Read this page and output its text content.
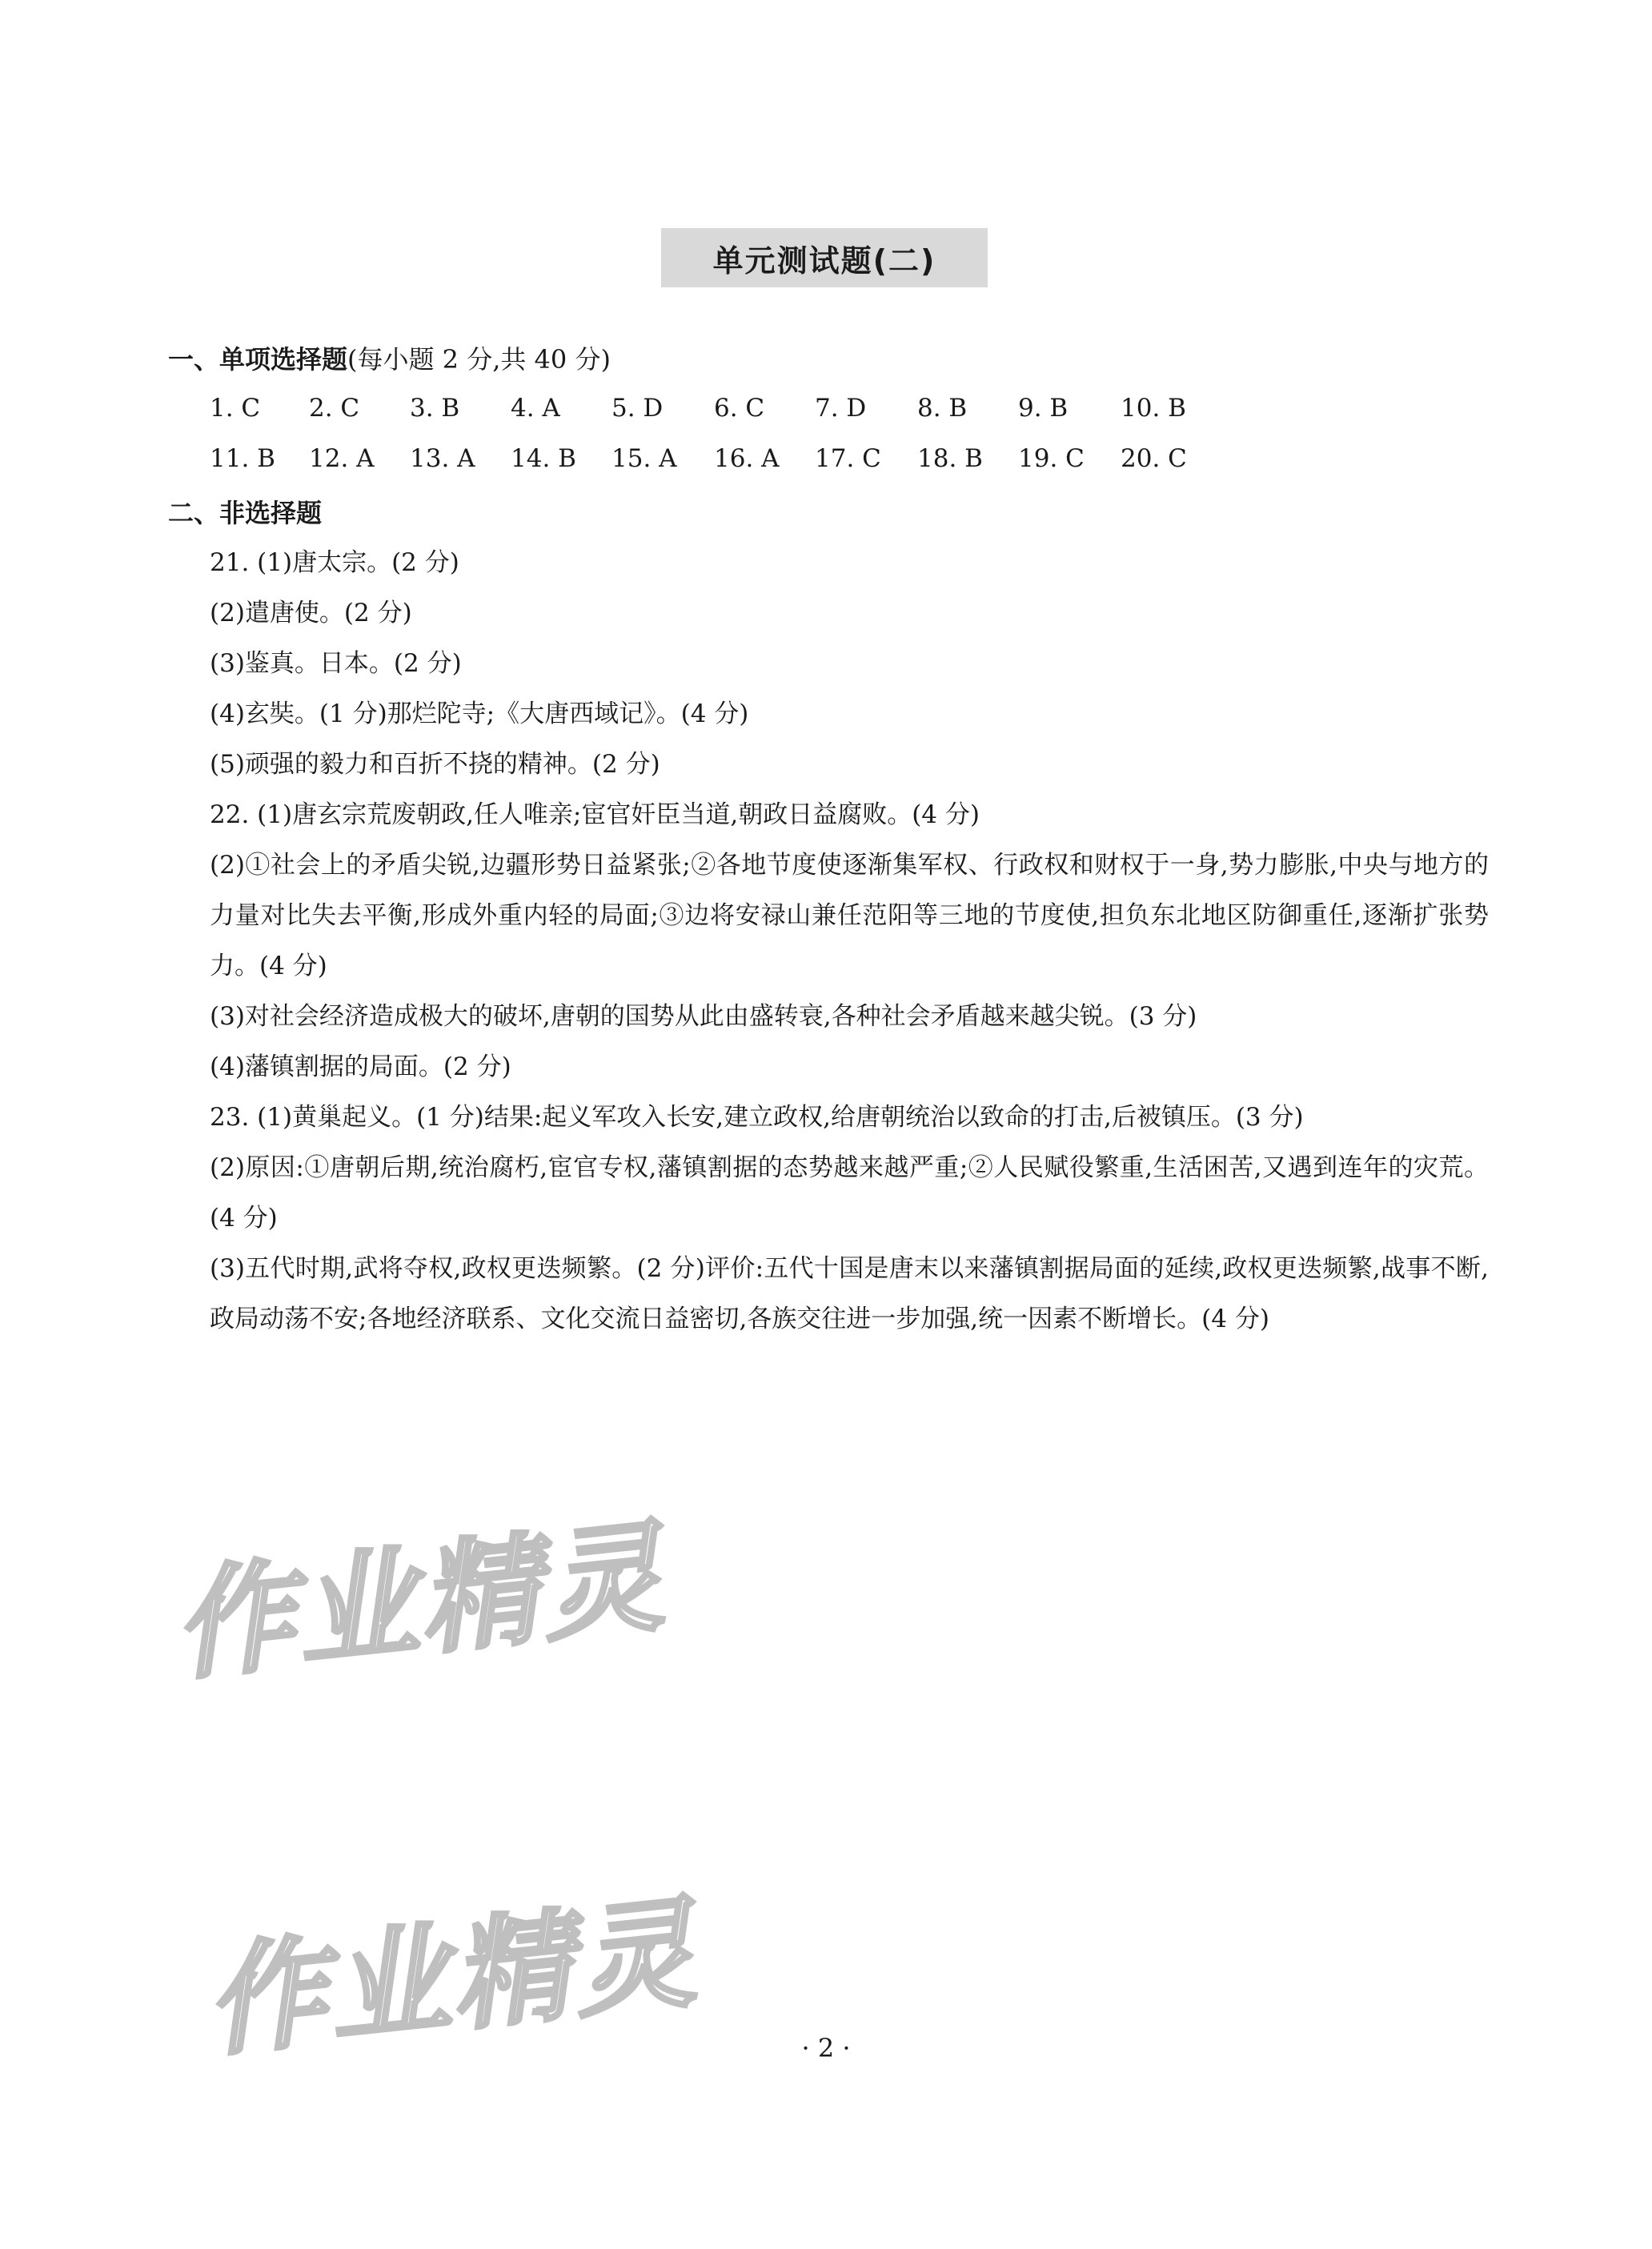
单元测试题(二)
一、单项选择题(每小题 2 分,共 40 分)
1. C 2. C 3. B 4. A 5. D 6. C 7. D 8. B 9. B 10. B
11. B 12. A 13. A 14. B 15. A 16. A 17. C 18. B 19. C 20. C
二、非选择题

21. (1)唐太宗。(2 分)

(2)遣唐使。(2 分)

(3)鉴真。日本。(2 分)

(4)玄奘。(1 分)那烂陀寺;《大唐西域记》。(4 分)

(5)顽强的毅力和百折不挠的精神。(2 分)

22. (1)唐玄宗荒废朝政,任人唯亲;宦官奸臣当道,朝政日益腐败。(4 分)

(2)①社会上的矛盾尖锐,边疆形势日益紧张;②各地节度使逐渐集军权、行政权和财权于一身,势力膨胀,中央与地方的力量对比失去平衡,形成外重内轻的局面;③边将安禄山兼任范阳等三地的节度使,担负东北地区防御重任,逐渐扩张势力。(4 分)

(3)对社会经济造成极大的破坏,唐朝的国势从此由盛转衰,各种社会矛盾越来越尖锐。(3 分)

(4)藩镇割据的局面。(2 分)

23. (1)黄巢起义。(1 分)结果:起义军攻入长安,建立政权,给唐朝统治以致命的打击,后被镇压。(3 分)

(2)原因:①唐朝后期,统治腐朽,宦官专权,藩镇割据的态势越来越严重;②人民赋役繁重,生活困苦,又遇到连年的灾荒。(4 分)

(3)五代时期,武将夺权,政权更迭频繁。(2 分)评价:五代十国是唐末以来藩镇割据局面的延续,政权更迭频繁,战事不断,政局动荡不安;各地经济联系、文化交流日益密切,各族交往进一步加强,统一因素不断增长。(4 分)

作业精灵
作业精灵	· 2 ·
